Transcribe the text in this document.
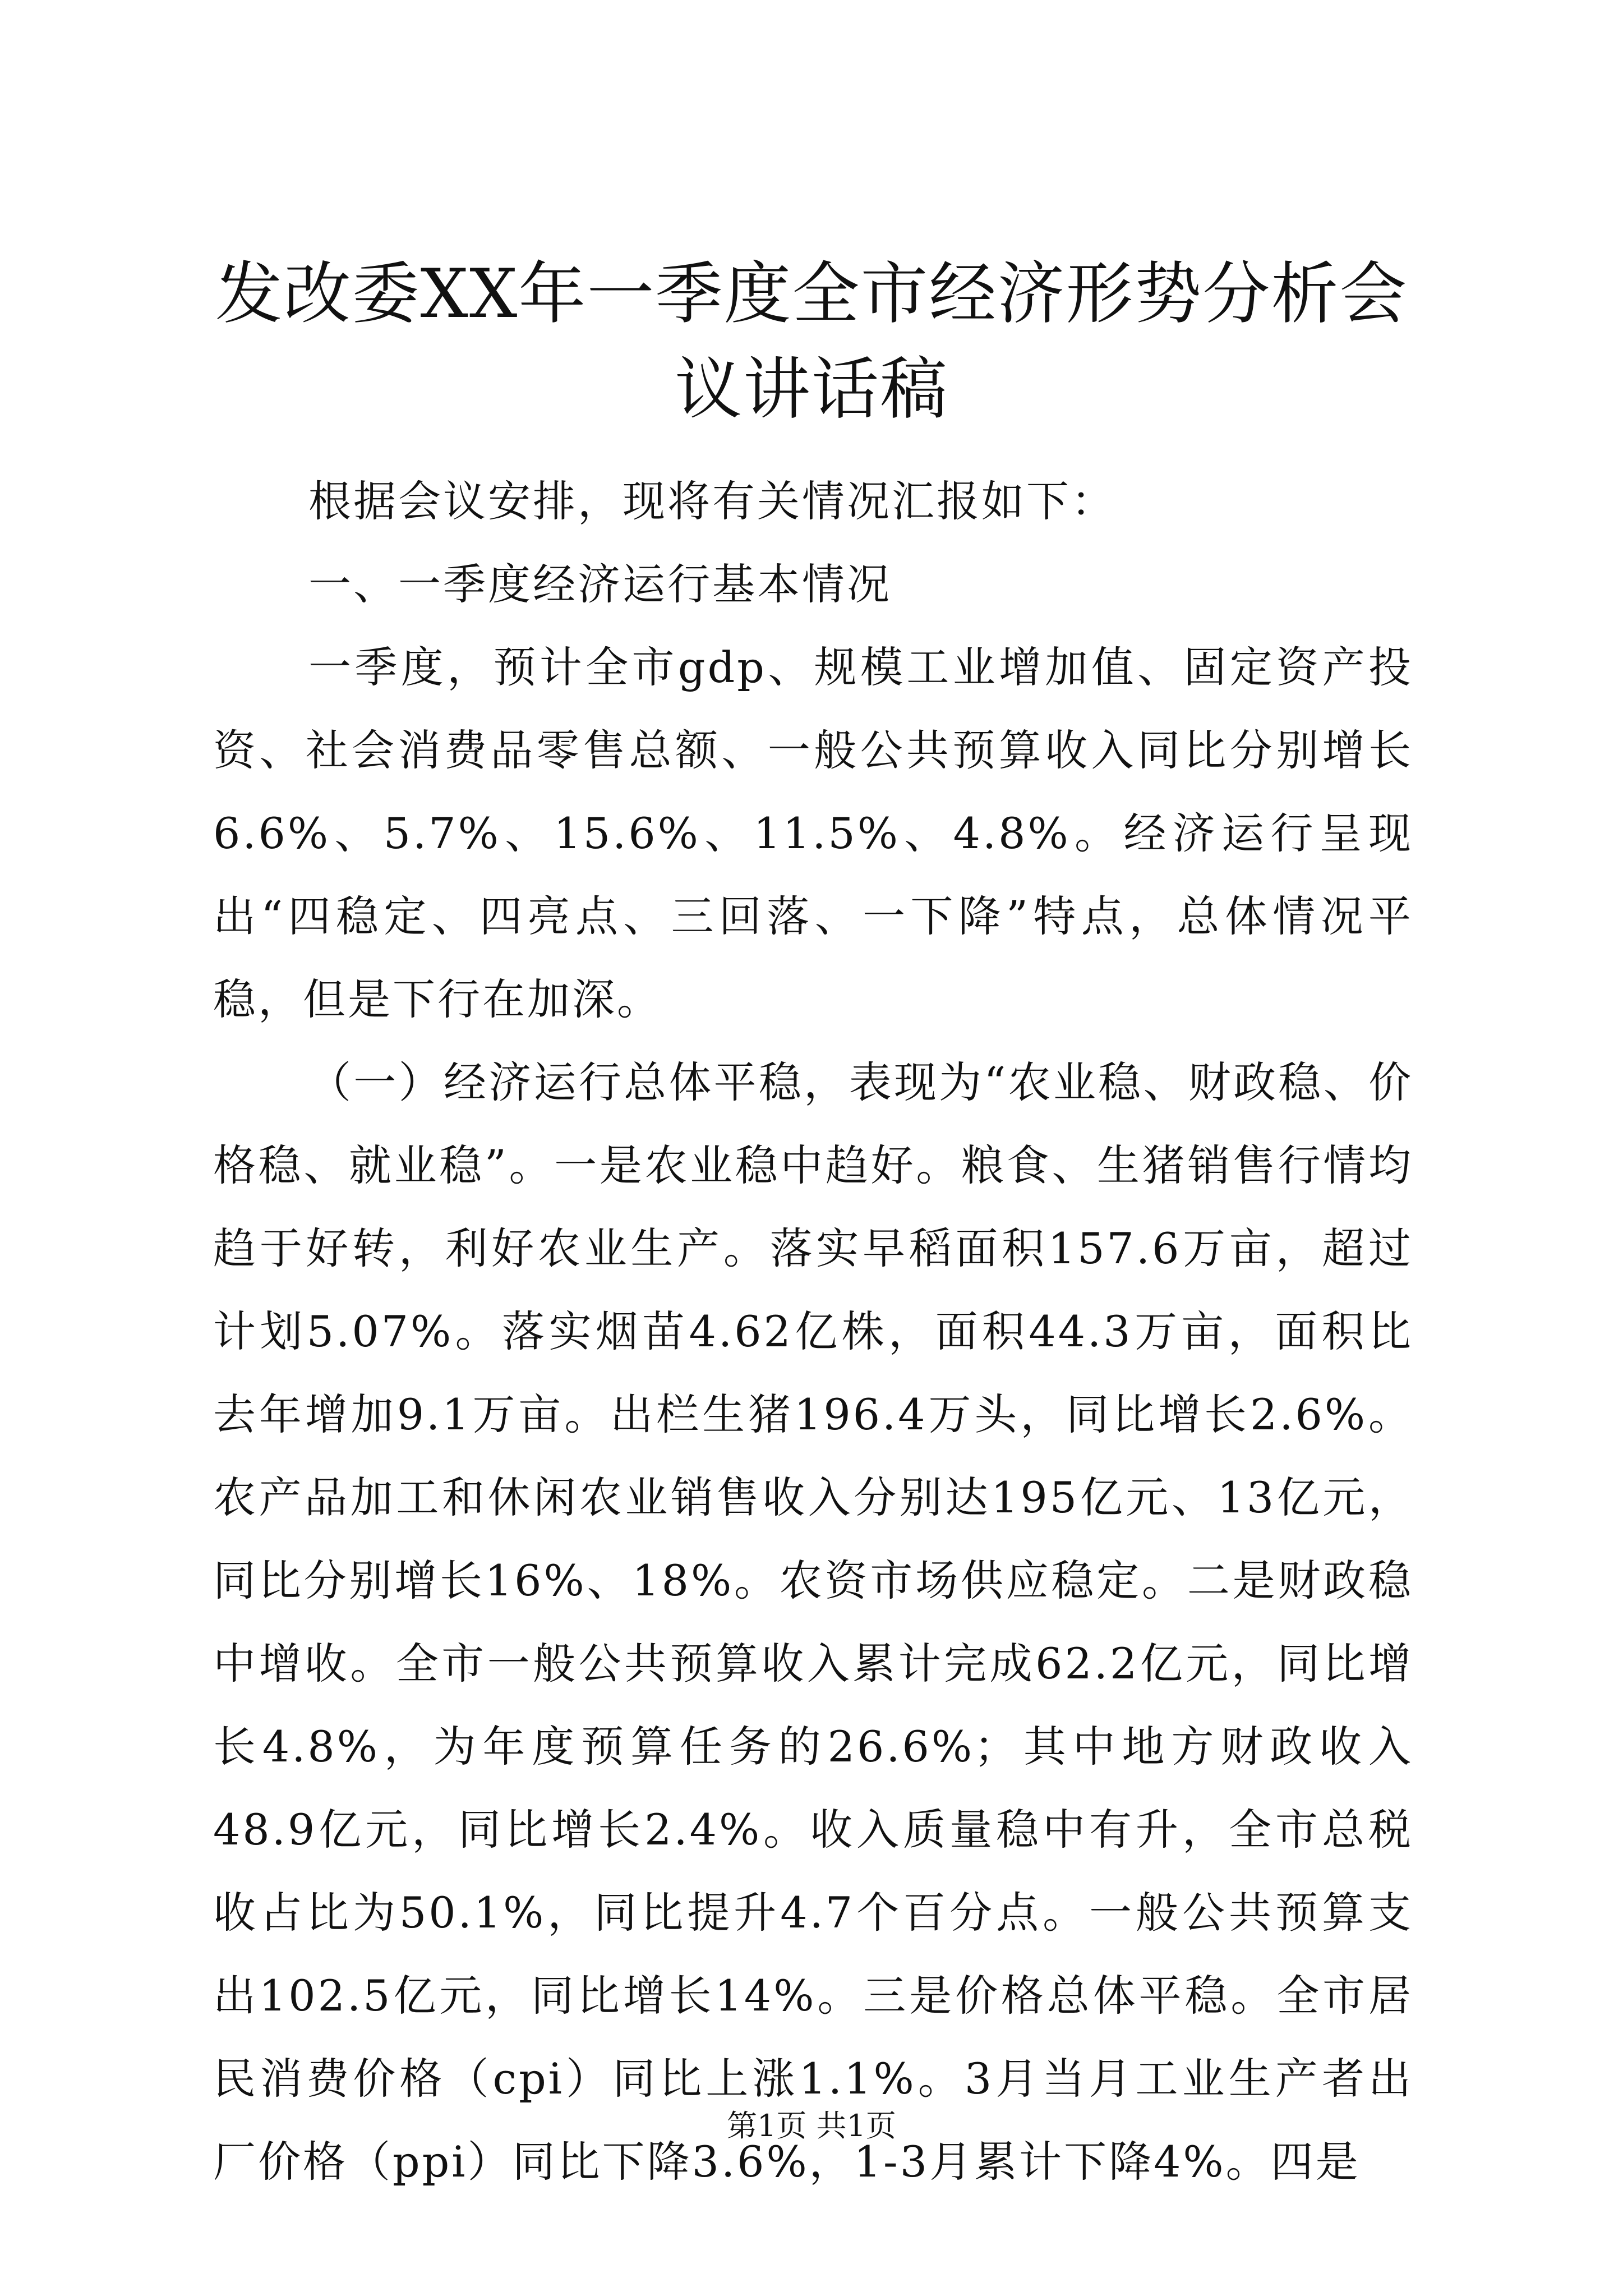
发改委XX年一季度全市经济形势分析会议讲话稿

根据会议安排，现将有关情况汇报如下：

一、一季度经济运行基本情况

一季度，预计全市gdp、规模工业增加值、固定资产投资、社会消费品零售总额、一般公共预算收入同比分别增长6.6%、5.7%、15.6%、11.5%、4.8%。经济运行呈现出“四稳定、四亮点、三回落、一下降”特点，总体情况平稳，但是下行在加深。

（一）经济运行总体平稳，表现为“农业稳、财政稳、价格稳、就业稳”。一是农业稳中趋好。粮食、生猪销售行情均趋于好转，利好农业生产。落实早稻面积157.6万亩，超过计划5.07%。落实烟苗4.62亿株，面积44.3万亩，面积比去年增加9.1万亩。出栏生猪196.4万头，同比增长2.6%。农产品加工和休闲农业销售收入分别达195亿元、13亿元，同比分别增长16%、18%。农资市场供应稳定。二是财政稳中增收。全市一般公共预算收入累计完成62.2亿元，同比增长4.8%，为年度预算任务的26.6%；其中地方财政收入48.9亿元，同比增长2.4%。收入质量稳中有升，全市总税收占比为50.1%，同比提升4.7个百分点。一般公共预算支出102.5亿元，同比增长14%。三是价格总体平稳。全市居民消费价格（cpi）同比上涨1.1%。3月当月工业生产者出厂价格（ppi）同比下降3.6%，1-3月累计下降4%。四是

第1页 共1页
